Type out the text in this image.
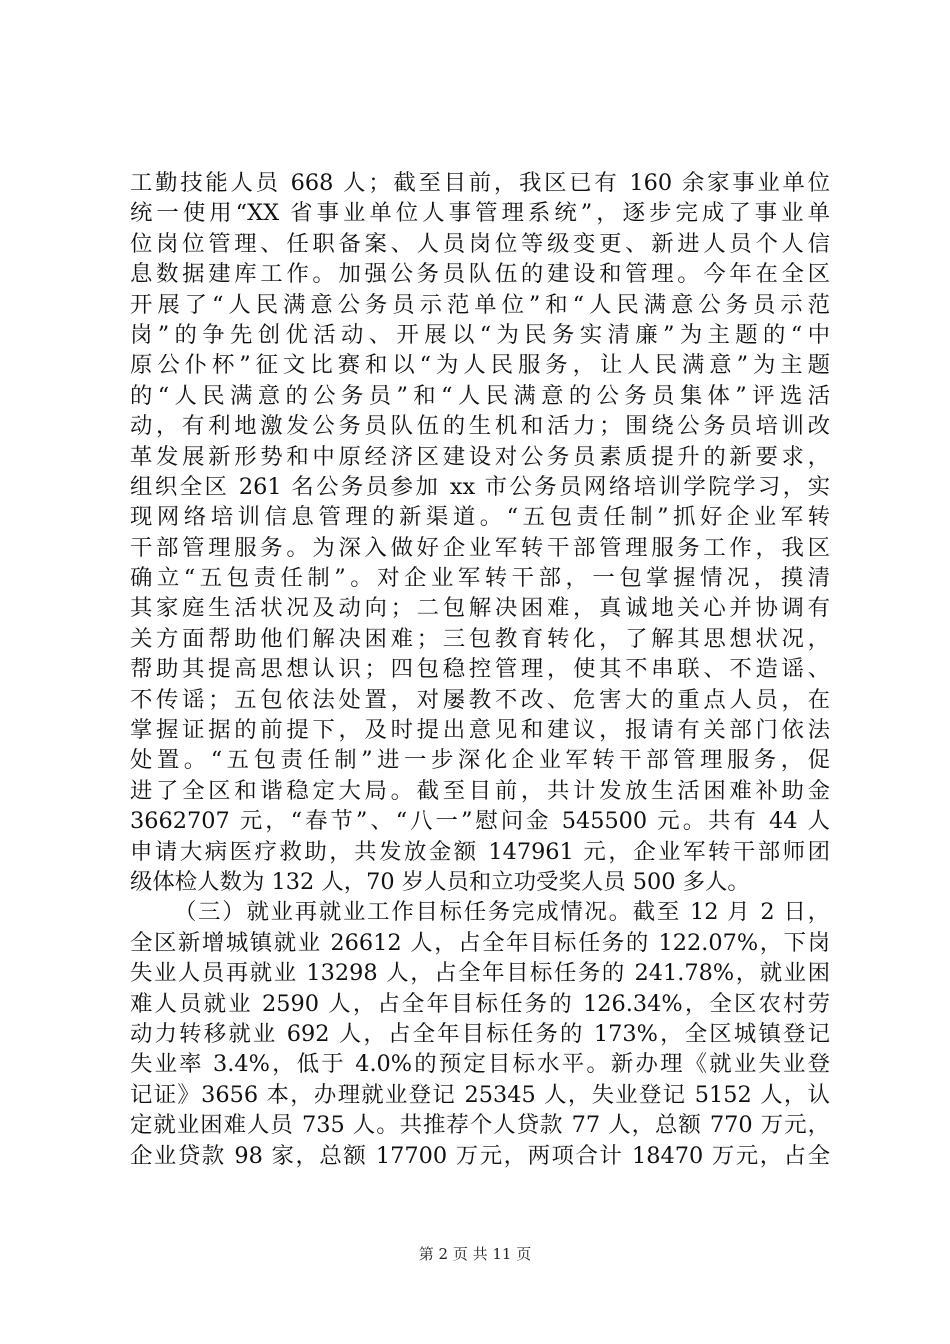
工勤技能人员 668 人；截至目前，我区已有 160 余家事业单位
统一使用“XX 省事业单位人事管理系统”，逐步完成了事业单
位岗位管理、任职备案、人员岗位等级变更、新进人员个人信
息数据建库工作。加强公务员队伍的建设和管理。今年在全区
开展了“人民满意公务员示范单位”和“人民满意公务员示范
岗”的争先创优活动、开展以“为民务实清廉”为主题的“中
原公仆杯”征文比赛和以“为人民服务，让人民满意”为主题
的“人民满意的公务员”和“人民满意的公务员集体”评选活
动，有利地激发公务员队伍的生机和活力；围绕公务员培训改
革发展新形势和中原经济区建设对公务员素质提升的新要求，
组织全区 261 名公务员参加 xx 市公务员网络培训学院学习，实
现网络培训信息管理的新渠道。“五包责任制”抓好企业军转
干部管理服务。为深入做好企业军转干部管理服务工作，我区
确立“五包责任制”。对企业军转干部，一包掌握情况，摸清
其家庭生活状况及动向；二包解决困难，真诚地关心并协调有
关方面帮助他们解决困难；三包教育转化，了解其思想状况，
帮助其提高思想认识；四包稳控管理，使其不串联、不造谣、
不传谣；五包依法处置，对屡教不改、危害大的重点人员，在
掌握证据的前提下，及时提出意见和建议，报请有关部门依法
处置。“五包责任制”进一步深化企业军转干部管理服务，促
进了全区和谐稳定大局。截至目前，共计发放生活困难补助金
3662707 元，“春节”、“八一”慰问金 545500 元。共有 44 人
申请大病医疗救助，共发放金额 147961 元，企业军转干部师团
级体检人数为 132 人，70 岁人员和立功受奖人员 500 多人。
（三）就业再就业工作目标任务完成情况。截至 12 月 2 日，
全区新增城镇就业 26612 人，占全年目标任务的 122.07%，下岗
失业人员再就业 13298 人，占全年目标任务的 241.78%，就业困
难人员就业 2590 人，占全年目标任务的 126.34%，全区农村劳
动力转移就业 692 人，占全年目标任务的 173%，全区城镇登记
失业率 3.4%，低于 4.0%的预定目标水平。新办理《就业失业登
记证》3656 本，办理就业登记 25345 人，失业登记 5152 人，认
定就业困难人员 735 人。共推荐个人贷款 77 人，总额 770 万元，
企业贷款 98 家，总额 17700 万元，两项合计 18470 万元，占全
第 2 页 共 11 页
